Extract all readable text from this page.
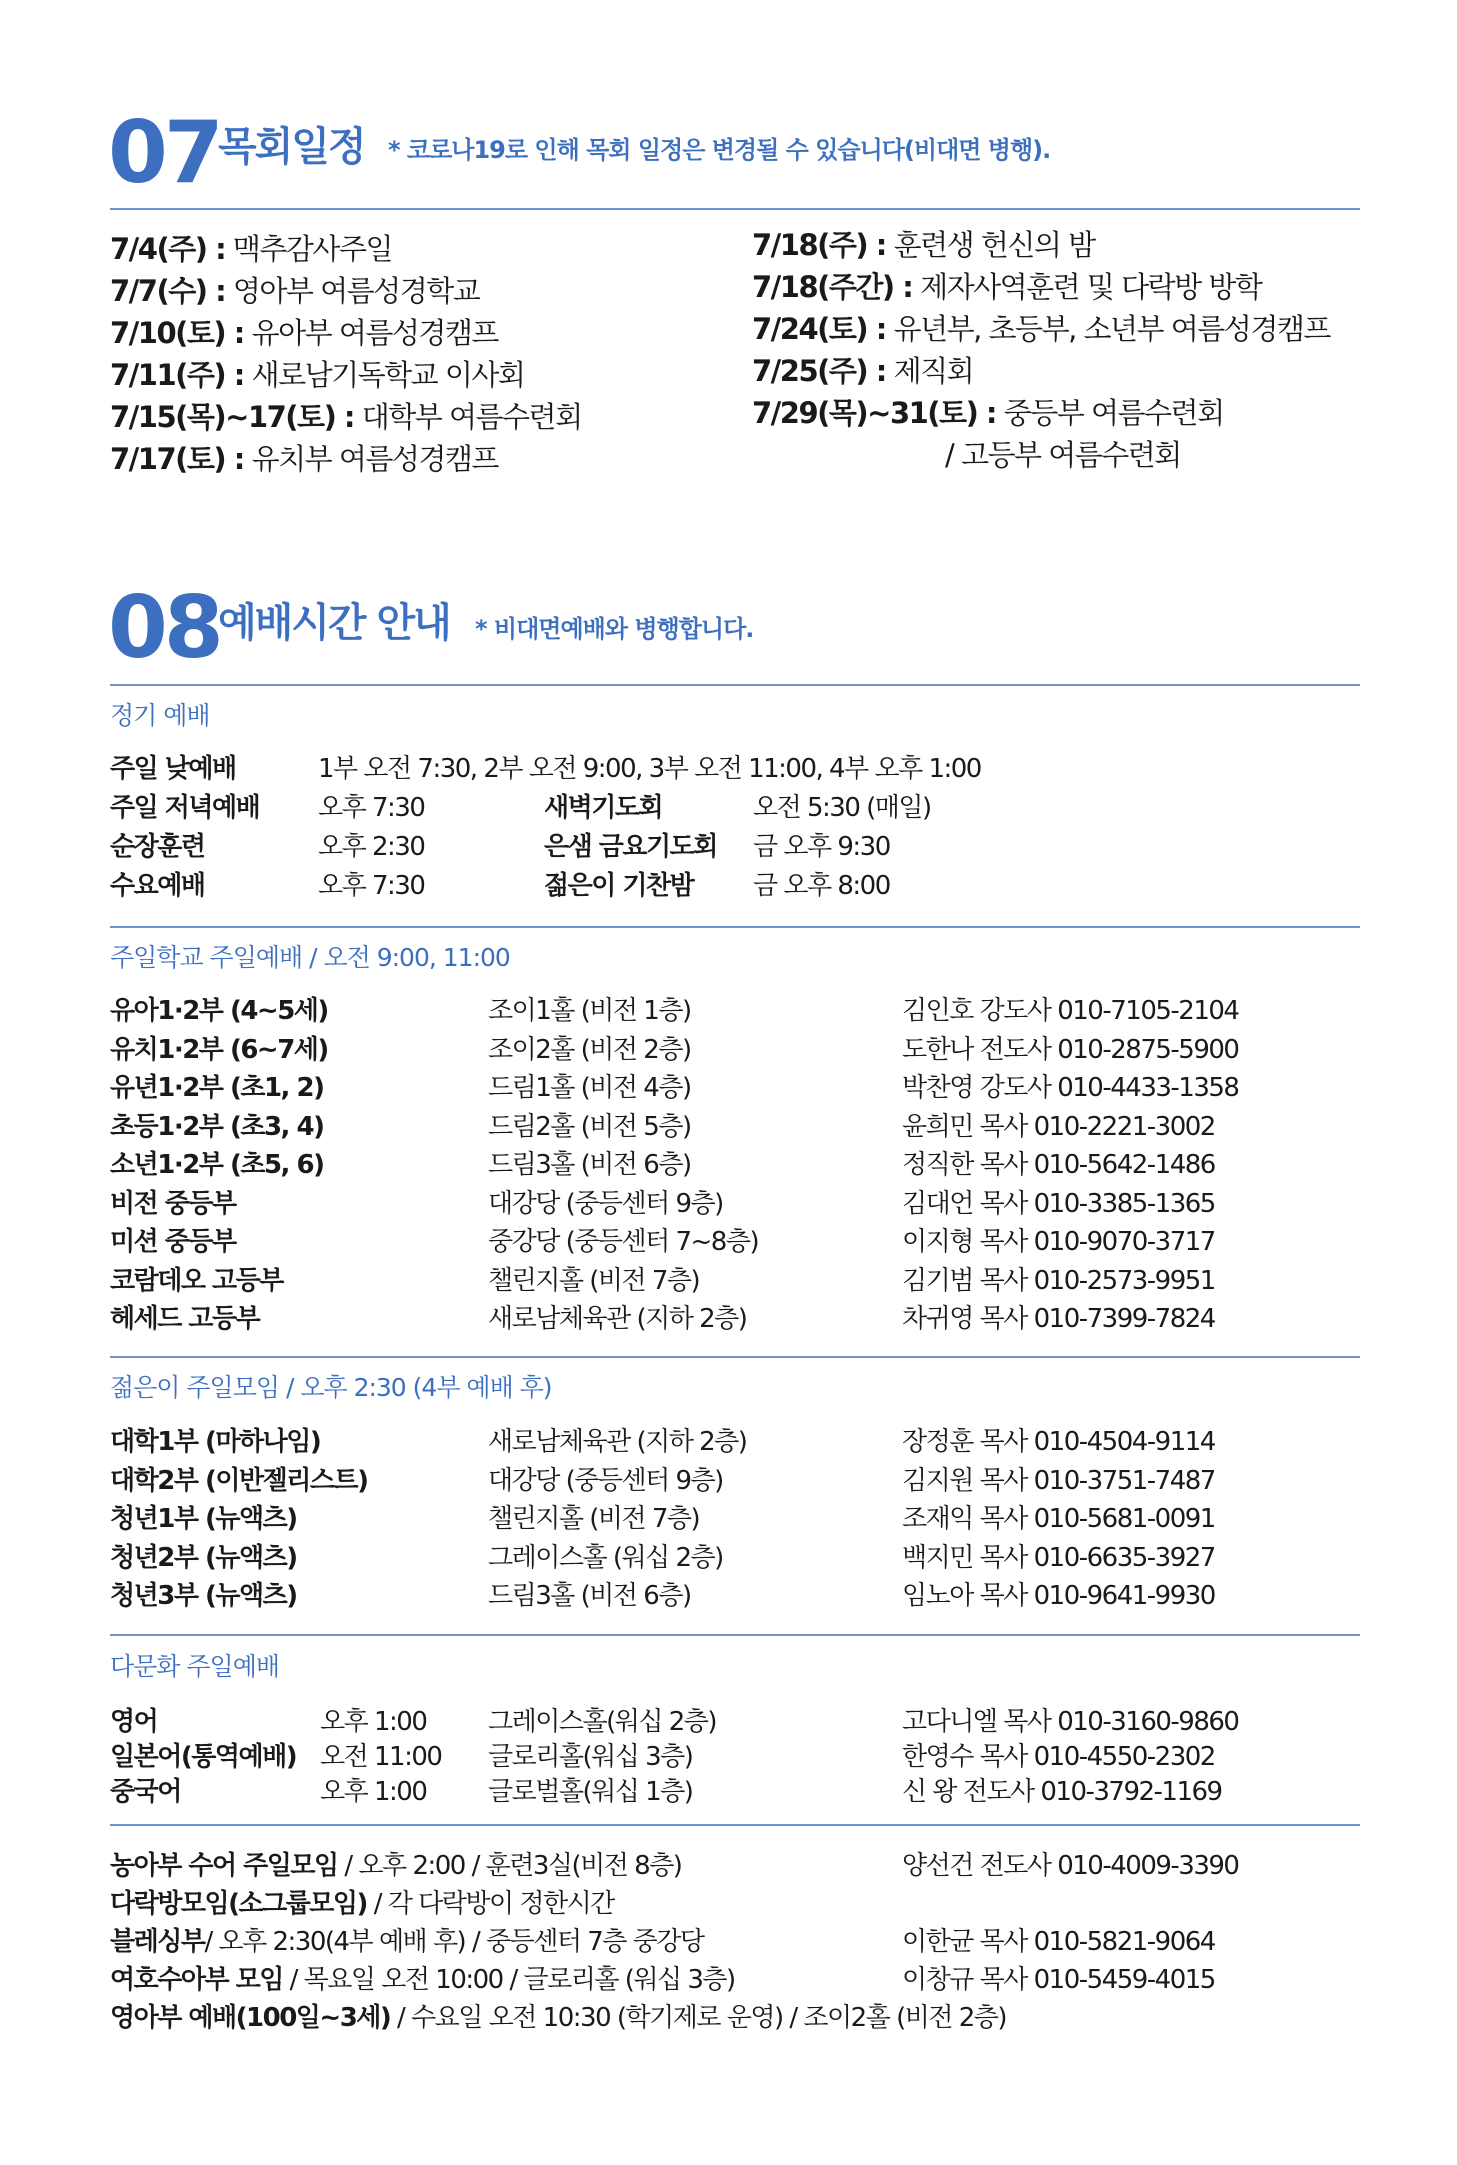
07
목회일정 * 코로나19로 인해 목회 일정은 변경될 수 있습니다(비대면 병행).
7/4(주) : 맥추감사주일
7/7(수) : 영아부 여름성경학교
7/10(토) : 유아부 여름성경캠프
7/11(주) : 새로남기독학교 이사회
7/15(목)~17(토) : 대학부 여름수련회
7/17(토) : 유치부 여름성경캠프
7/18(주) : 훈련생 헌신의 밤
7/18(주간) : 제자사역훈련 및 다락방 방학
7/24(토) : 유년부, 초등부, 소년부 여름성경캠프
7/25(주) : 제직회
7/29(목)~31(토) : 중등부 여름수련회
/ 고등부 여름수련회
08
예배시간 안내 * 비대면예배와 병행합니다.
정기 예배
주일 낮예배	1부 오전 7:30, 2부 오전 9:00, 3부 오전 11:00, 4부 오후 1:00
주일 저녁예배 오후 7:30	새벽기도회	오전 5:30 (매일)
순장훈련	오후 2:30	은샘 금요기도회 금 오후 9:30
수요예배	오후 7:30	젊은이 기찬밤 금 오후 8:00
주일학교 주일예배 / 오전 9:00, 11:00
유아1·2부 (4~5세)	조이1홀 (비전 1층)	김인호 강도사 010-7105-2104
유치1·2부 (6~7세)	조이2홀 (비전 2층)	도한나 전도사 010-2875-5900
유년1·2부 (초1, 2)	드림1홀 (비전 4층)	박찬영 강도사 010-4433-1358
초등1·2부 (초3, 4)	드림2홀 (비전 5층)	윤희민 목사 010-2221-3002
소년1·2부 (초5, 6)	드림3홀 (비전 6층)	정직한 목사 010-5642-1486
비전 중등부	대강당 (중등센터 9층)	김대언 목사 010-3385-1365
미션 중등부	중강당 (중등센터 7~8층)	이지형 목사 010-9070-3717
코람데오 고등부	챌린지홀 (비전 7층)	김기범 목사 010-2573-9951
헤세드 고등부	새로남체육관 (지하 2층)	차귀영 목사 010-7399-7824
젊은이 주일모임 / 오후 2:30 (4부 예배 후)
대학1부 (마하나임)	새로남체육관 (지하 2층)	장정훈 목사 010-4504-9114
대학2부 (이반젤리스트)	대강당 (중등센터 9층)	김지원 목사 010-3751-7487
청년1부 (뉴액츠)	챌린지홀 (비전 7층)	조재익 목사 010-5681-0091
청년2부 (뉴액츠)	그레이스홀 (워십 2층)	백지민 목사 010-6635-3927
청년3부 (뉴액츠)	드림3홀 (비전 6층)	임노아 목사 010-9641-9930
다문화 주일예배
영어	오후 1:00 그레이스홀(워십 2층)	고다니엘 목사 010-3160-9860
일본어(통역예배) 오전 11:00 글로리홀(워십 3층)	한영수 목사 010-4550-2302
중국어	오후 1:00 글로벌홀(워십 1층)	신 왕 전도사 010-3792-1169
농아부 수어 주일모임 / 오후 2:00 / 훈련3실(비전 8층)	양선건 전도사 010-4009-3390
다락방모임(소그룹모임) / 각 다락방이 정한시간
블레싱부/ 오후 2:30(4부 예배 후) / 중등센터 7층 중강당	이한균 목사 010-5821-9064
여호수아부 모임 / 목요일 오전 10:00 / 글로리홀 (워십 3층)	이창규 목사 010-5459-4015
영아부 예배(100일~3세) / 수요일 오전 10:30 (학기제로 운영) / 조이2홀 (비전 2층)
